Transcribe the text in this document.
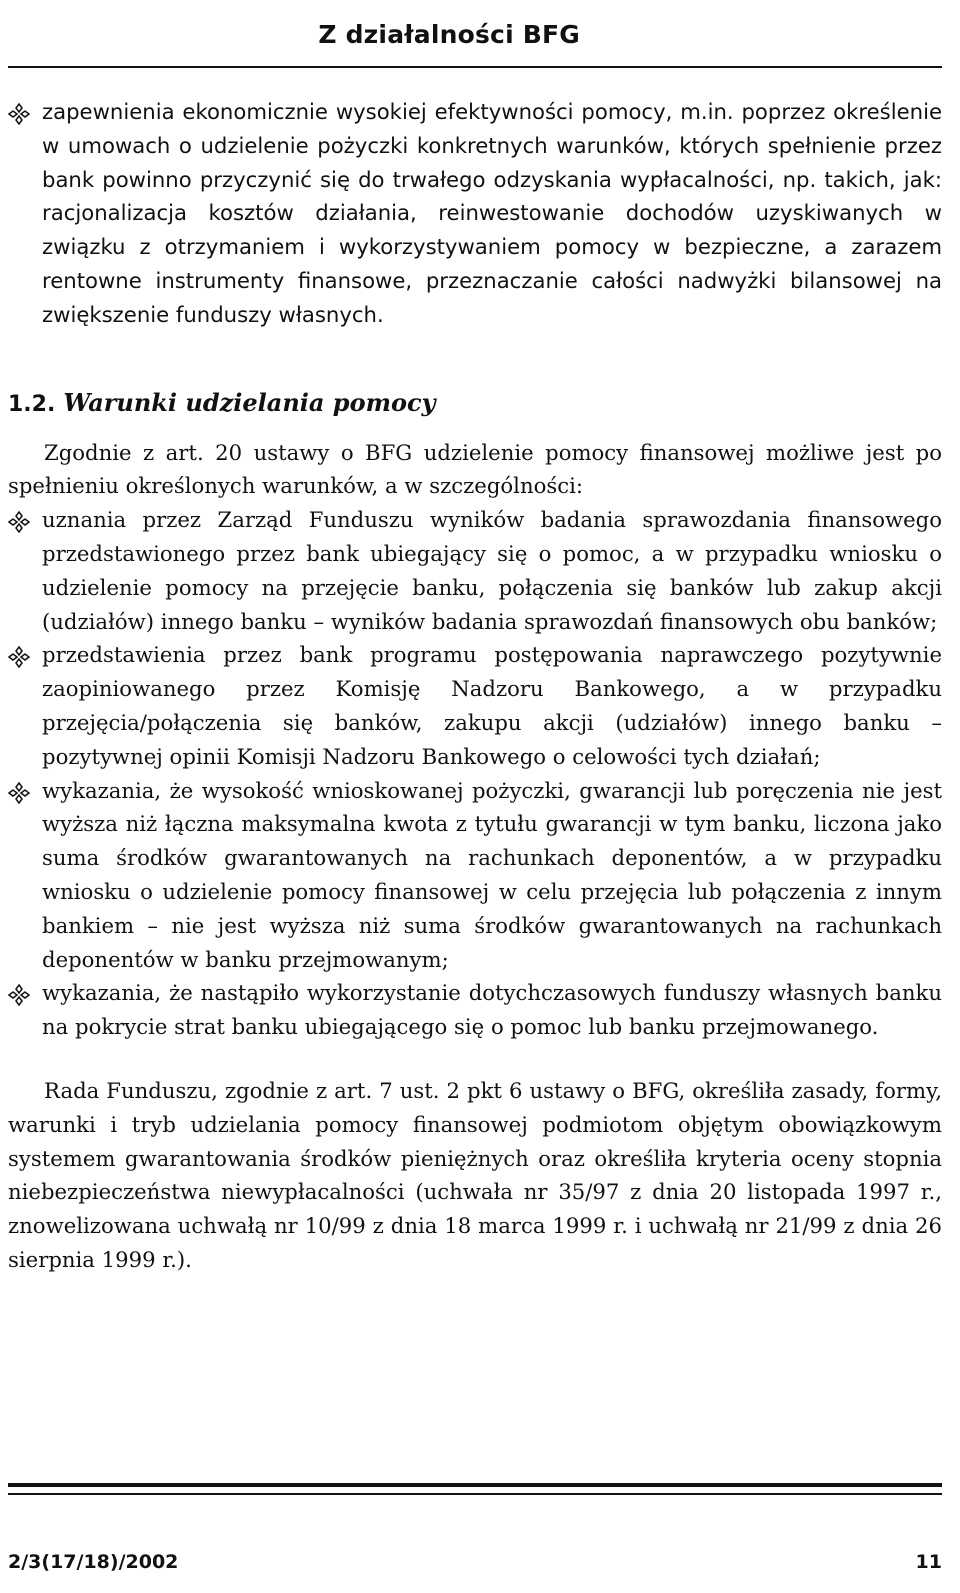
Z działalności BFG

zapewnienia ekonomicznie wysokiej efektywności pomocy, m.in. poprzez określenie w umowach o udzielenie pożyczki konkretnych warunków, których spełnienie przez bank powinno przyczynić się do trwałego odzyskania wypłacalności, np. takich, jak: racjonalizacja kosztów działania, reinwestowanie dochodów uzyskiwanych w związku z otrzymaniem i wykorzystywaniem pomocy w bezpieczne, a zarazem rentowne instrumenty finansowe, przeznaczanie całości nadwyżki bilansowej na zwiększenie funduszy własnych.

1.2. Warunki udzielania pomocy

Zgodnie z art. 20 ustawy o BFG udzielenie pomocy finansowej możliwe jest po spełnieniu określonych warunków, a w szczególności:

uznania przez Zarząd Funduszu wyników badania sprawozdania finansowego przedstawionego przez bank ubiegający się o pomoc, a w przypadku wniosku o udzielenie pomocy na przejęcie banku, połączenia się banków lub zakup akcji (udziałów) innego banku – wyników badania sprawozdań finansowych obu banków;

przedstawienia przez bank programu postępowania naprawczego pozytywnie zaopiniowanego przez Komisję Nadzoru Bankowego, a w przypadku przejęcia/połączenia się banków, zakupu akcji (udziałów) innego banku – pozytywnej opinii Komisji Nadzoru Bankowego o celowości tych działań;

wykazania, że wysokość wnioskowanej pożyczki, gwarancji lub poręczenia nie jest wyższa niż łączna maksymalna kwota z tytułu gwarancji w tym banku, liczona jako suma środków gwarantowanych na rachunkach deponentów, a w przypadku wniosku o udzielenie pomocy finansowej w celu przejęcia lub połączenia z innym bankiem – nie jest wyższa niż suma środków gwarantowanych na rachunkach deponentów w banku przejmowanym;

wykazania, że nastąpiło wykorzystanie dotychczasowych funduszy własnych banku na pokrycie strat banku ubiegającego się o pomoc lub banku przejmowanego.

Rada Funduszu, zgodnie z art. 7 ust. 2 pkt 6 ustawy o BFG, określiła zasady, formy, warunki i tryb udzielania pomocy finansowej podmiotom objętym obowiązkowym systemem gwarantowania środków pieniężnych oraz określiła kryteria oceny stopnia niebezpieczeństwa niewypłacalności (uchwała nr 35/97 z dnia 20 listopada 1997 r., znowelizowana uchwałą nr 10/99 z dnia 18 marca 1999 r. i uchwałą nr 21/99 z dnia 26 sierpnia 1999 r.).

2/3(17/18)/2002	11
